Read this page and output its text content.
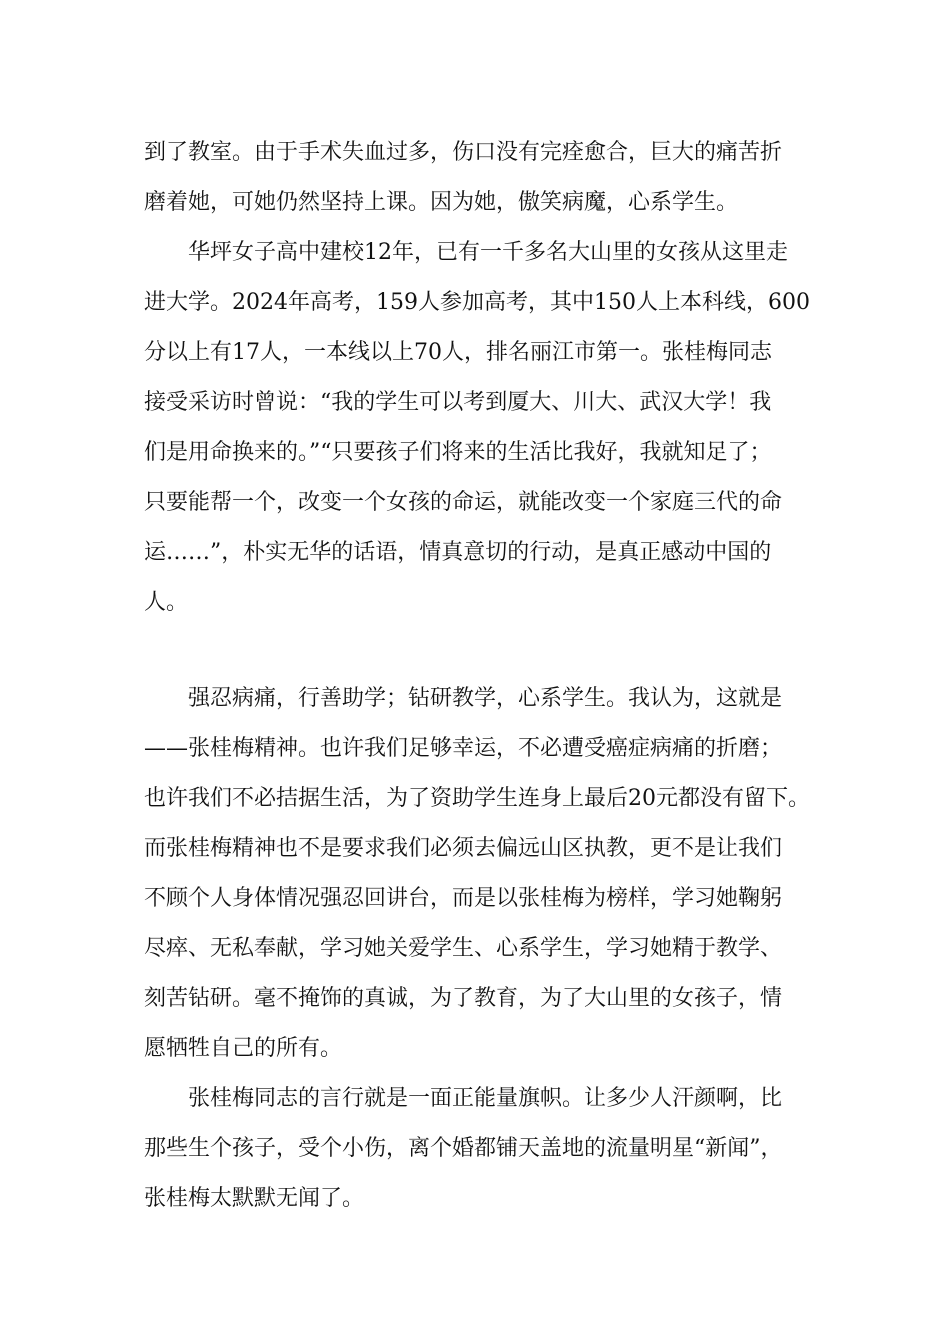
到了教室。由于手术失血过多，伤口没有完痊愈合，巨大的痛苦折
磨着她，可她仍然坚持上课。因为她，傲笑病魔，心系学生。
华坪女子高中建校12年，已有一千多名大山里的女孩从这里走
进大学。2024年高考，159人参加高考，其中150人上本科线，600
分以上有17人，一本线以上70人，排名丽江市第一。张桂梅同志
接受采访时曾说：“我的学生可以考到厦大、川大、武汉大学！我
们是用命换来的。”“只要孩子们将来的生活比我好，我就知足了；
只要能帮一个，改变一个女孩的命运，就能改变一个家庭三代的命
运……”，朴实无华的话语，情真意切的行动，是真正感动中国的
人。
强忍病痛，行善助学；钻研教学，心系学生。我认为，这就是
——张桂梅精神。也许我们足够幸运，不必遭受癌症病痛的折磨；
也许我们不必拮据生活，为了资助学生连身上最后20元都没有留下。
而张桂梅精神也不是要求我们必须去偏远山区执教，更不是让我们
不顾个人身体情况强忍回讲台，而是以张桂梅为榜样，学习她鞠躬
尽瘁、无私奉献，学习她关爱学生、心系学生，学习她精于教学、
刻苦钻研。毫不掩饰的真诚，为了教育，为了大山里的女孩子，情
愿牺牲自己的所有。
张桂梅同志的言行就是一面正能量旗帜。让多少人汗颜啊，比
那些生个孩子，受个小伤，离个婚都铺天盖地的流量明星“新闻”，
张桂梅太默默无闻了。
